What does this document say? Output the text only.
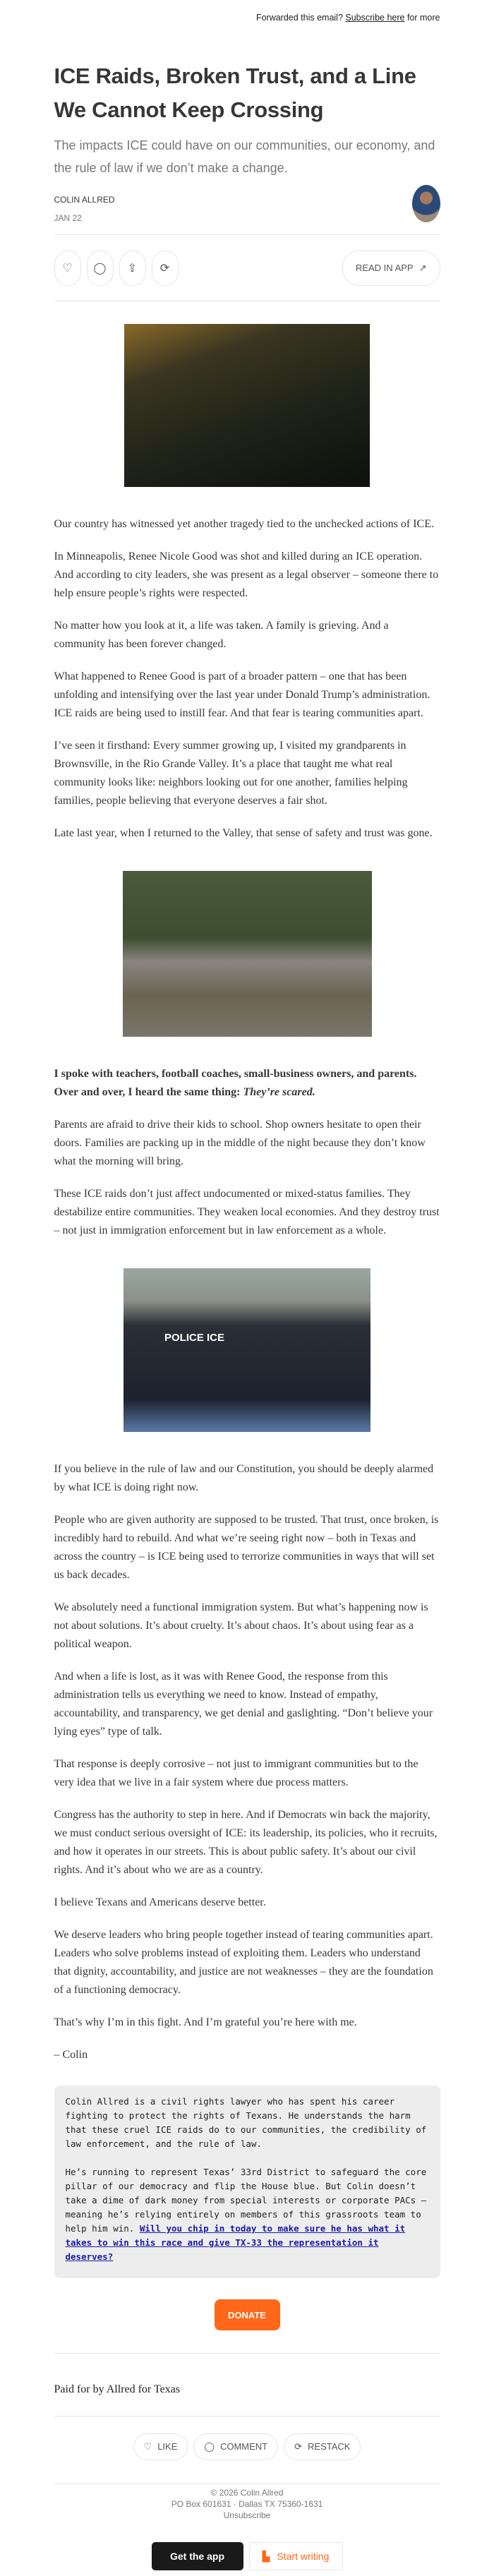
Forwarded this email? Subscribe here for more
ICE Raids, Broken Trust, and a Line We Cannot Keep Crossing
The impacts ICE could have on our communities, our economy, and the rule of law if we don’t make a change.
COLIN ALLRED
JAN 22
♡ ◯ ⇪ ⟳	READ IN APP ↗

Our country has witnessed yet another tragedy tied to the unchecked actions of ICE.

In Minneapolis, Renee Nicole Good was shot and killed during an ICE operation. And according to city leaders, she was present as a legal observer – someone there to help ensure people’s rights were respected.

No matter how you look at it, a life was taken. A family is grieving. And a community has been forever changed.

What happened to Renee Good is part of a broader pattern – one that has been unfolding and intensifying over the last year under Donald Trump’s administration. ICE raids are being used to instill fear. And that fear is tearing communities apart.

I’ve seen it firsthand: Every summer growing up, I visited my grandparents in Brownsville, in the Rio Grande Valley. It’s a place that taught me what real community looks like: neighbors looking out for one another, families helping families, people believing that everyone deserves a fair shot.

Late last year, when I returned to the Valley, that sense of safety and trust was gone.

I spoke with teachers, football coaches, small-business owners, and parents. Over and over, I heard the same thing: They’re scared.

Parents are afraid to drive their kids to school. Shop owners hesitate to open their doors. Families are packing up in the middle of the night because they don’t know what the morning will bring.

These ICE raids don’t just affect undocumented or mixed-status families. They destabilize entire communities. They weaken local economies. And they destroy trust – not just in immigration enforcement but in law enforcement as a whole.

POLICE ICE

If you believe in the rule of law and our Constitution, you should be deeply alarmed by what ICE is doing right now.

People who are given authority are supposed to be trusted. That trust, once broken, is incredibly hard to rebuild. And what we’re seeing right now – both in Texas and across the country – is ICE being used to terrorize communities in ways that will set us back decades.

We absolutely need a functional immigration system. But what’s happening now is not about solutions. It’s about cruelty. It’s about chaos. It’s about using fear as a political weapon.

And when a life is lost, as it was with Renee Good, the response from this administration tells us everything we need to know. Instead of empathy, accountability, and transparency, we get denial and gaslighting. “Don’t believe your lying eyes” type of talk.

That response is deeply corrosive – not just to immigrant communities but to the very idea that we live in a fair system where due process matters.

Congress has the authority to step in here. And if Democrats win back the majority, we must conduct serious oversight of ICE: its leadership, its policies, who it recruits, and how it operates in our streets. This is about public safety. It’s about our civil rights. And it’s about who we are as a country.

I believe Texans and Americans deserve better.

We deserve leaders who bring people together instead of tearing communities apart. Leaders who solve problems instead of exploiting them. Leaders who understand that dignity, accountability, and justice are not weaknesses – they are the foundation of a functioning democracy.

That’s why I’m in this fight. And I’m grateful you’re here with me.

– Colin

Colin Allred is a civil rights lawyer who has spent his career fighting to protect the rights of Texans. He understands the harm that these cruel ICE raids do to our communities, the credibility of law enforcement, and the rule of law.

He’s running to represent Texas’ 33rd District to safeguard the core pillar of our democracy and flip the House blue. But Colin doesn’t take a dime of dark money from special interests or corporate PACs – meaning he’s relying entirely on members of this grassroots team to help him win. Will you chip in today to make sure he has what it takes to win this race and give TX-33 the representation it deserves?

DONATE
Paid for by Allred for Texas
♡ LIKE	◯ COMMENT	⟳ RESTACK
© 2026 Colin Allred
PO Box 601631 · Dallas TX 75360-1631
Unsubscribe
Get the app	▙ Start writing
